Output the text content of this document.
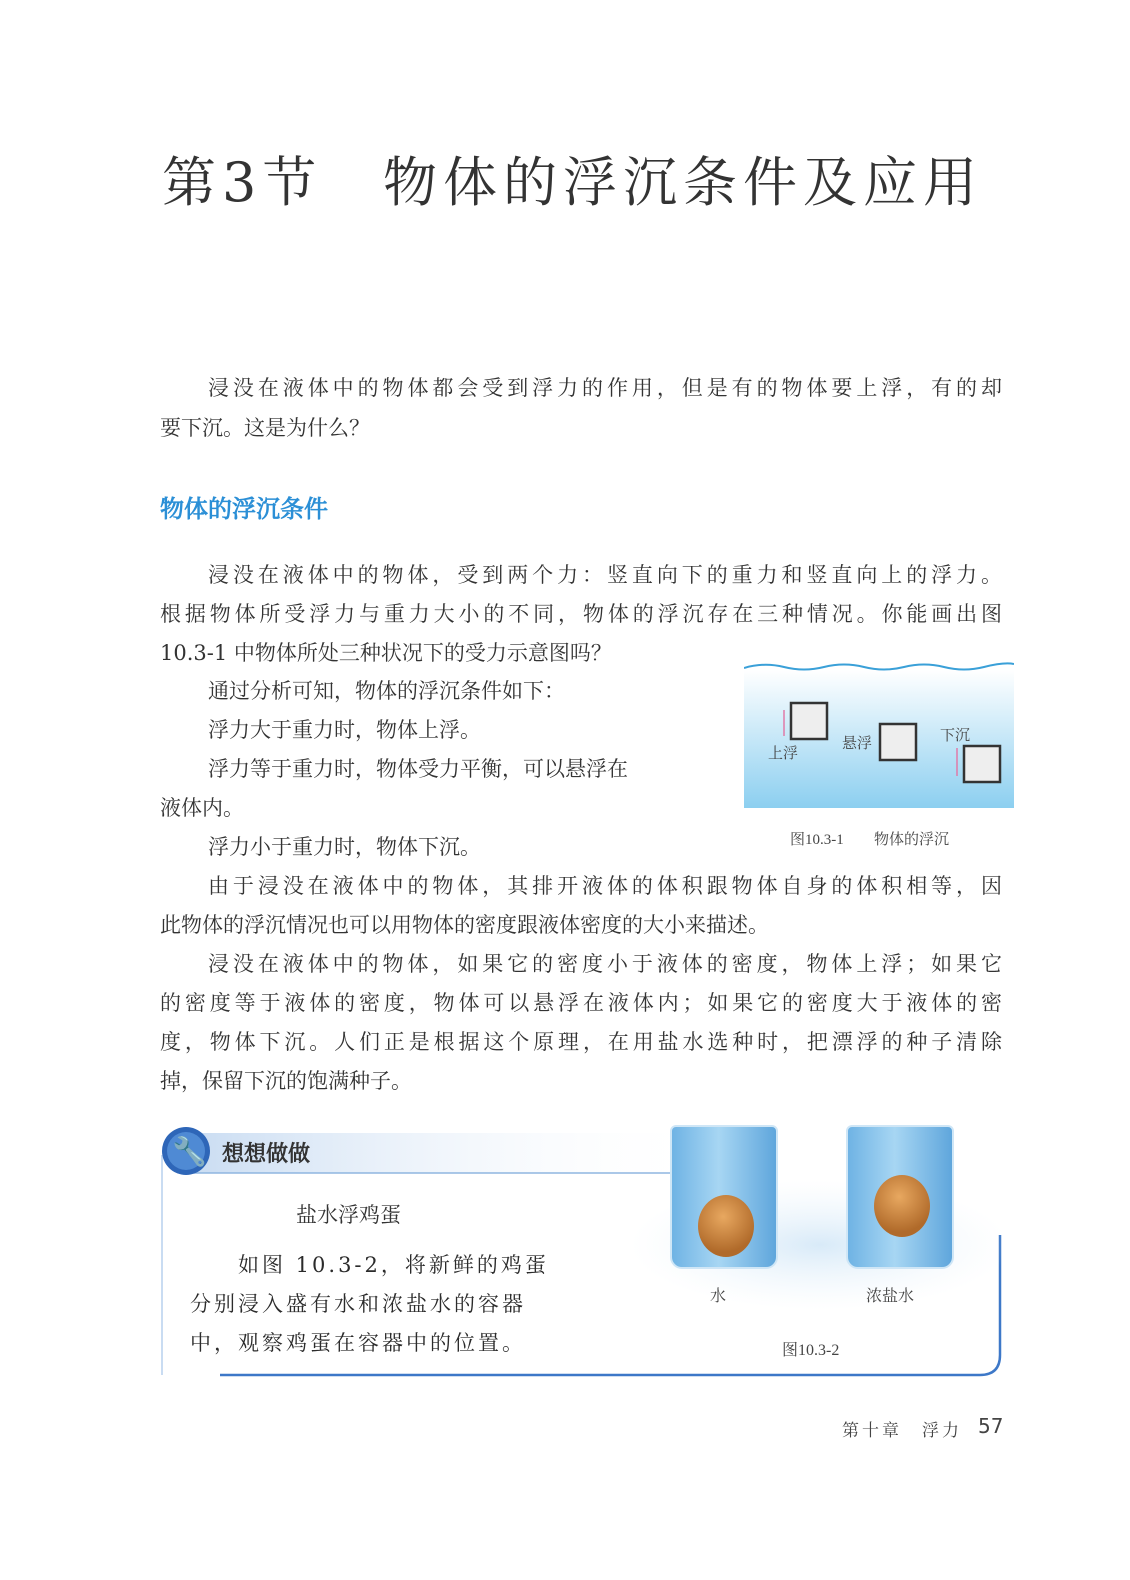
第3节 物体的浮沉条件及应用
浸没在液体中的物体都会受到浮力的作用，但是有的物体要上浮，有的却
要下沉。这是为什么？
物体的浮沉条件
浸没在液体中的物体，受到两个力：竖直向下的重力和竖直向上的浮力。
根据物体所受浮力与重力大小的不同，物体的浮沉存在三种情况。你能画出图
10.3-1 中物体所处三种状况下的受力示意图吗？
通过分析可知，物体的浮沉条件如下：
浮力大于重力时，物体上浮。
浮力等于重力时，物体受力平衡，可以悬浮在
液体内。
浮力小于重力时，物体下沉。
由于浸没在液体中的物体，其排开液体的体积跟物体自身的体积相等，因
此物体的浮沉情况也可以用物体的密度跟液体密度的大小来描述。
浸没在液体中的物体，如果它的密度小于液体的密度，物体上浮；如果它
的密度等于液体的密度，物体可以悬浮在液体内；如果它的密度大于液体的密
度，物体下沉。人们正是根据这个原理，在用盐水选种时，把漂浮的种子清除
掉，保留下沉的饱满种子。
上浮
悬浮	下沉
图10.3-1 物体的浮沉
🔧 想想做做
盐水浮鸡蛋
如图 10.3-2，将新鲜的鸡蛋
分别浸入盛有水和浓盐水的容器
中，观察鸡蛋在容器中的位置。
水	浓盐水
图10.3-2
第十章　浮力 57
